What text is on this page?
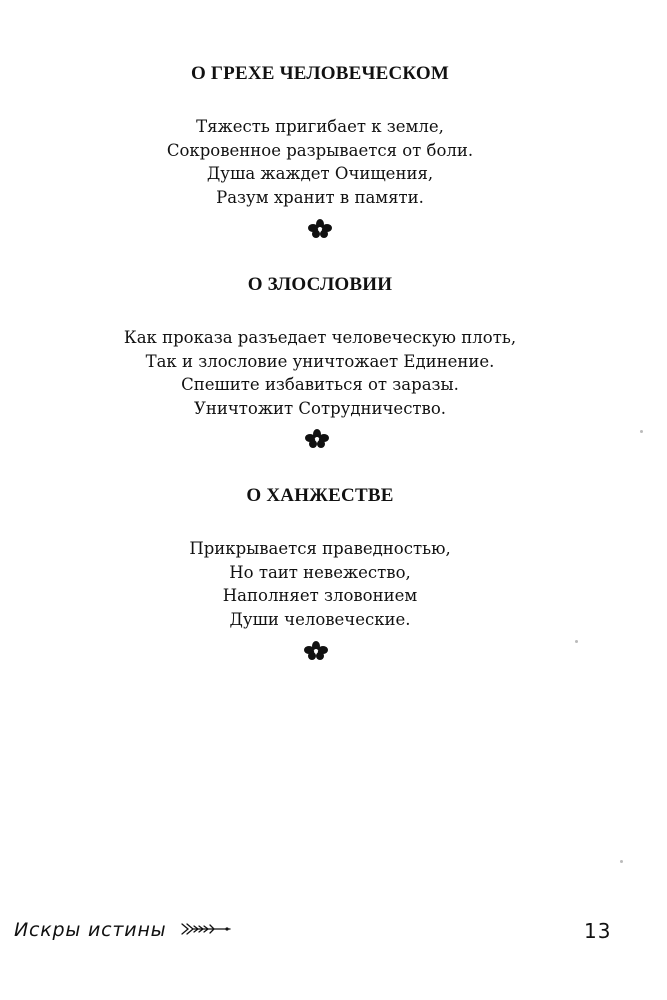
О ГРЕХЕ ЧЕЛОВЕЧЕСКОМ
Тяжесть пригибает к земле,
Сокровенное разрывается от боли.
Душа жаждет Очищения,
Разум хранит в памяти.
О ЗЛОСЛОВИИ
Как проказа разъедает человеческую плоть,
Так и злословие уничтожает Единение.
Спешите избавиться от заразы.
Уничтожит Сотрудничество.
О ХАНЖЕСТВЕ
Прикрывается праведностью,
Но таит невежество,
Наполняет зловонием
Души человеческие.
Искры истины	13
